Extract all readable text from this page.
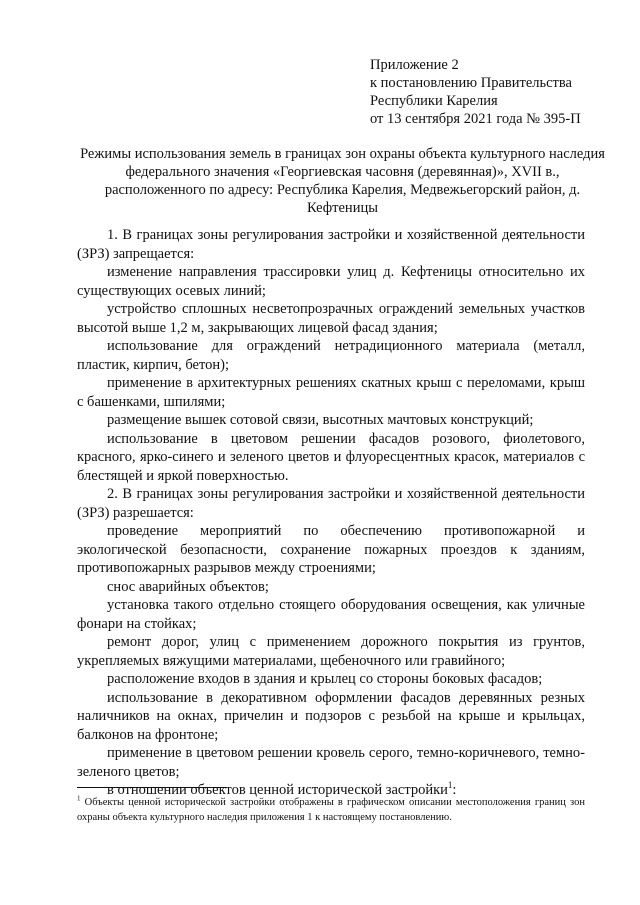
Приложение 2
к постановлению Правительства
Республики Карелия
от 13 сентября 2021 года № 395-П
Режимы использования земель в границах зон охраны объекта культурного наследия федерального значения «Георгиевская часовня (деревянная)», XVII в., расположенного по адресу: Республика Карелия, Медвежьегорский район, д. Кефтеницы

1. В границах зоны регулирования застройки и хозяйственной деятельности (ЗРЗ) запрещается:

изменение направления трассировки улиц д. Кефтеницы относительно их существующих осевых линий;

устройство сплошных несветопрозрачных ограждений земельных участков высотой выше 1,2 м, закрывающих лицевой фасад здания;

использование для ограждений нетрадиционного материала (металл, пластик, кирпич, бетон);

применение в архитектурных решениях скатных крыш с переломами, крыш с башенками, шпилями;

размещение вышек сотовой связи, высотных мачтовых конструкций;

использование в цветовом решении фасадов розового, фиолетового, красного, ярко-синего и зеленого цветов и флуоресцентных красок, материалов с блестящей и яркой поверхностью.

2. В границах зоны регулирования застройки и хозяйственной деятельности (ЗРЗ) разрешается:

проведение мероприятий по обеспечению противопожарной и экологической безопасности, сохранение пожарных проездов к зданиям, противопожарных разрывов между строениями;

снос аварийных объектов;

установка такого отдельно стоящего оборудования освещения, как уличные фонари на стойках;

ремонт дорог, улиц с применением дорожного покрытия из грунтов, укрепляемых вяжущими материалами, щебеночного или гравийного;

расположение входов в здания и крылец со стороны боковых фасадов;

использование в декоративном оформлении фасадов деревянных резных наличников на окнах, причелин и подзоров с резьбой на крыше и крыльцах, балконов на фронтоне;

применение в цветовом решении кровель серого, темно-коричневого, темно-зеленого цветов;

в отношении объектов ценной исторической застройки$^1$:

$^1$ Объекты ценной исторической застройки отображены в графическом описании местоположения границ зон охраны объекта культурного наследия приложения 1 к настоящему постановлению.
